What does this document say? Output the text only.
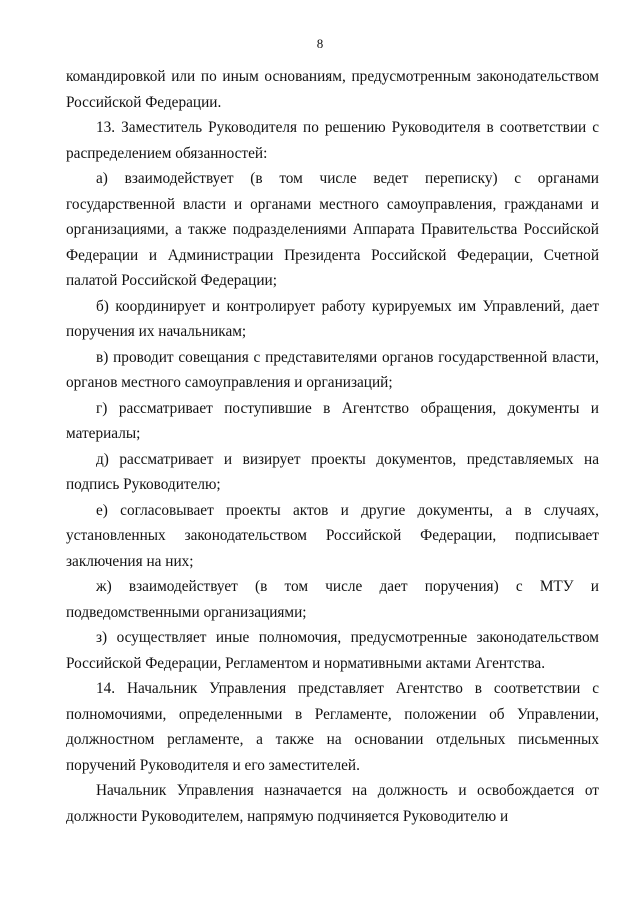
8

командировкой или по иным основаниям, предусмотренным законодательством Российской Федерации.

13. Заместитель Руководителя по решению Руководителя в соответствии с распределением обязанностей:

а) взаимодействует (в том числе ведет переписку) с органами государственной власти и органами местного самоуправления, гражданами и организациями, а также подразделениями Аппарата Правительства Российской Федерации и Администрации Президента Российской Федерации, Счетной палатой Российской Федерации;

б) координирует и контролирует работу курируемых им Управлений, дает поручения их начальникам;

в) проводит совещания с представителями органов государственной власти, органов местного самоуправления и организаций;

г) рассматривает поступившие в Агентство обращения, документы и материалы;

д) рассматривает и визирует проекты документов, представляемых на подпись Руководителю;

е) согласовывает проекты актов и другие документы, а в случаях, установленных законодательством Российской Федерации, подписывает заключения на них;

ж) взаимодействует (в том числе дает поручения) с МТУ и подведомственными организациями;

з) осуществляет иные полномочия, предусмотренные законодательством Российской Федерации, Регламентом и нормативными актами Агентства.

14. Начальник Управления представляет Агентство в соответствии с полномочиями, определенными в Регламенте, положении об Управлении, должностном регламенте, а также на основании отдельных письменных поручений Руководителя и его заместителей.

Начальник Управления назначается на должность и освобождается от должности Руководителем, напрямую подчиняется Руководителю и
